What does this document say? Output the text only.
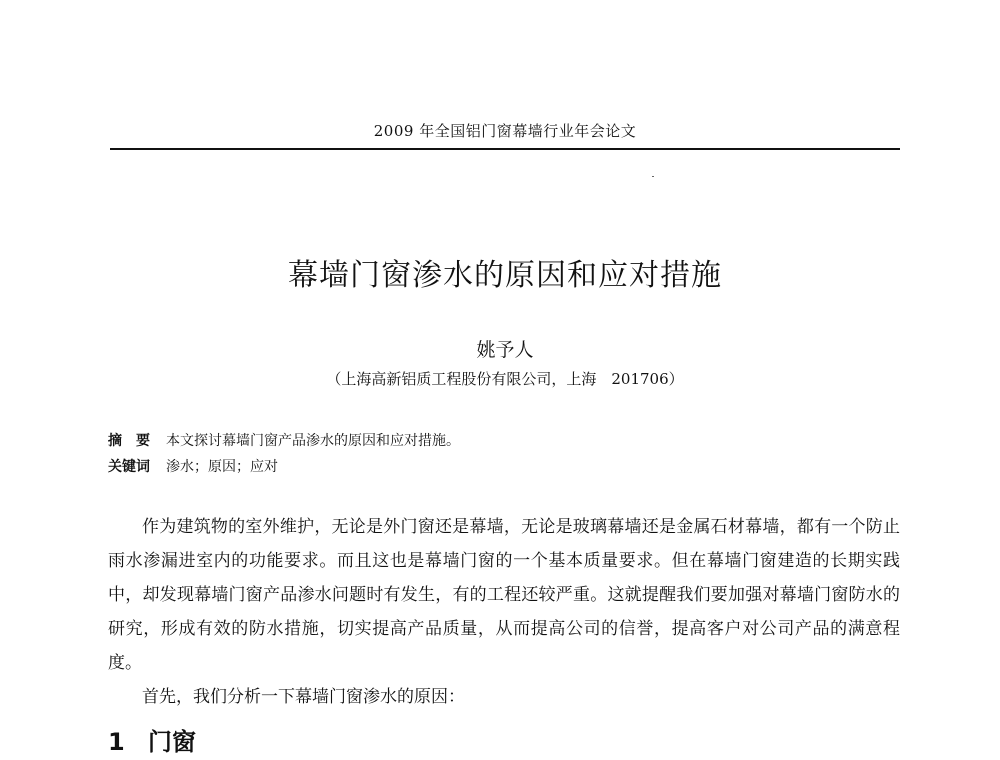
2009 年全国铝门窗幕墙行业年会论文
幕墙门窗渗水的原因和应对措施
姚予人
（上海高新铝质工程股份有限公司，上海　201706）
摘要 本文探讨幕墙门窗产品渗水的原因和应对措施。
关键词 渗水；原因；应对

作为建筑物的室外维护，无论是外门窗还是幕墙，无论是玻璃幕墙还是金属石材幕墙，都有一个防止雨水渗漏进室内的功能要求。而且这也是幕墙门窗的一个基本质量要求。但在幕墙门窗建造的长期实践中，却发现幕墙门窗产品渗水问题时有发生，有的工程还较严重。这就提醒我们要加强对幕墙门窗防水的研究，形成有效的防水措施，切实提高产品质量，从而提高公司的信誉，提高客户对公司产品的满意程度。

首先，我们分析一下幕墙门窗渗水的原因：

1 门窗
